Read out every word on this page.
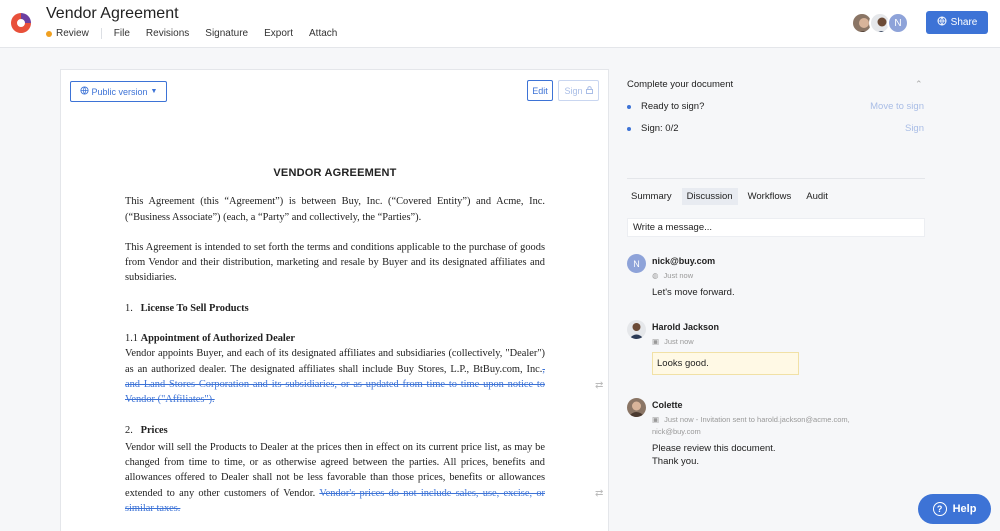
Vendor Agreement
Review	File Revisions Signature Export Attach
N	Share
Public version ▼	Edit	Sign
VENDOR AGREEMENT

This Agreement (this “Agreement”) is between Buy, Inc. (“Covered Entity”) and Acme, Inc. (“Business Associate”) (each, a “Party” and collectively, the “Parties”).

This Agreement is intended to set forth the terms and conditions applicable to the purchase of goods from Vendor and their distribution, marketing and resale by Buyer and its designated affiliates and subsidiaries.

1. License To Sell Products
1.1 Appointment of Authorized Dealer

Vendor appoints Buyer, and each of its designated affiliates and subsidiaries (collectively, "Dealer") as an authorized dealer. The designated affiliates shall include Buy Stores, L.P., BtBuy.com, Inc., and Land Stores Corporation and its subsidiaries, or as updated from time to time upon notice to Vendor ("Affiliates").

2. Prices

Vendor will sell the Products to Dealer at the prices then in effect on its current price list, as may be changed from time to time, or as otherwise agreed between the parties. All prices, benefits and allowances offered to Dealer shall not be less favorable than those prices, benefits or allowances extended to any other customers of Vendor. Vendor's prices do not include sales, use, excise, or similar taxes.

⇄
⇄
Complete your document	⌃
Ready to sign?	Move to sign
Sign: 0/2	Sign
Summary	Discussion	Workflows	Audit
Write a message...
N	nick@buy.com
◍ Just now
Let's move forward.
Harold Jackson
▣ Just now
Looks good.
Colette
▣ Just now - Invitation sent to harold.jackson@acme.com,
nick@buy.com
Please review this document.
Thank you.
? Help
